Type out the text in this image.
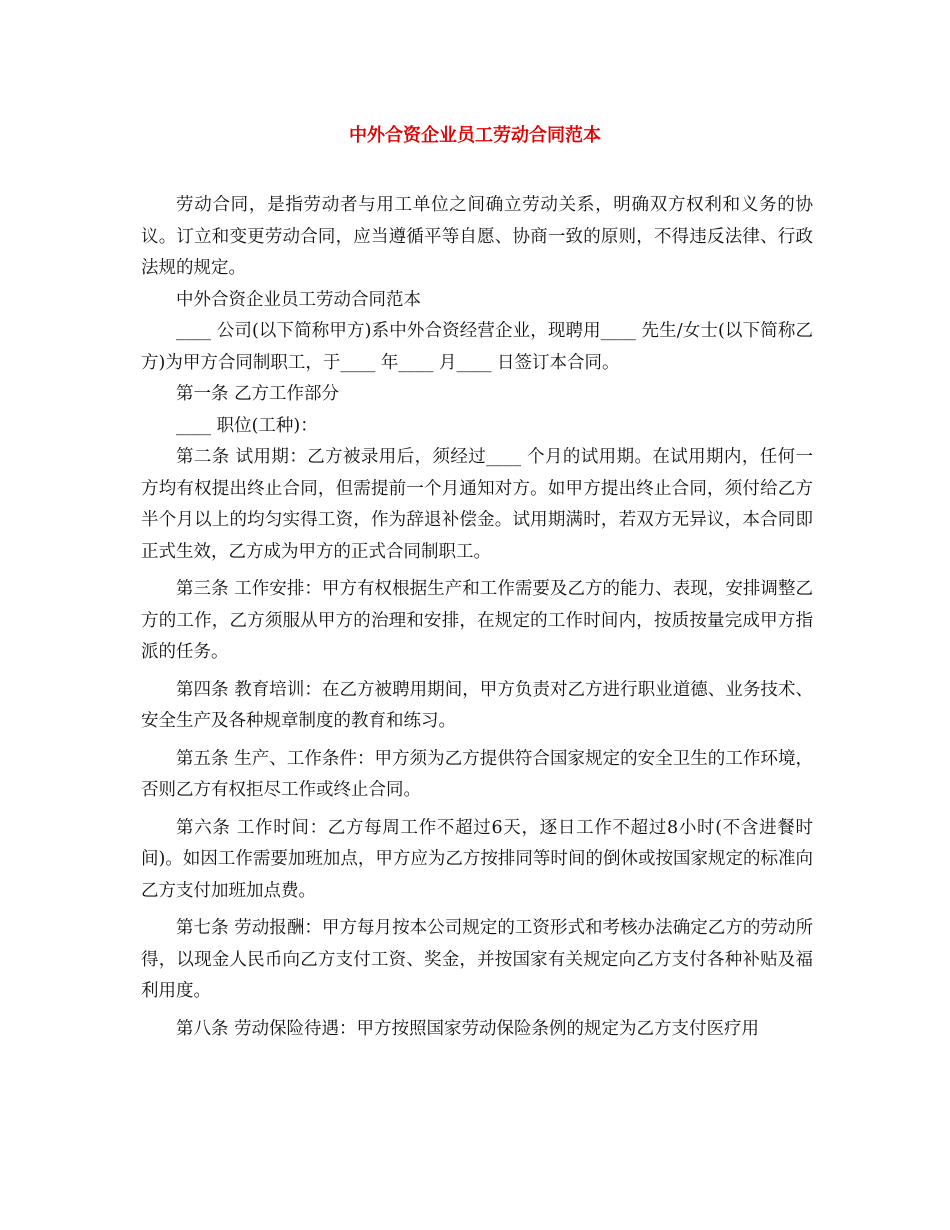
中外合资企业员工劳动合同范本

劳动合同，是指劳动者与用工单位之间确立劳动关系，明确双方权利和义务的协议。订立和变更劳动合同，应当遵循平等自愿、协商一致的原则，不得违反法律、行政法规的规定。

中外合资企业员工劳动合同范本

____ 公司(以下简称甲方)系中外合资经营企业，现聘用____ 先生/女士(以下简称乙方)为甲方合同制职工，于____ 年____ 月____ 日签订本合同。

第一条 乙方工作部分

____ 职位(工种)：

第二条 试用期：乙方被录用后，须经过____ 个月的试用期。在试用期内，任何一方均有权提出终止合同，但需提前一个月通知对方。如甲方提出终止合同，须付给乙方半个月以上的均匀实得工资，作为辞退补偿金。试用期满时，若双方无异议，本合同即正式生效，乙方成为甲方的正式合同制职工。

第三条 工作安排：甲方有权根据生产和工作需要及乙方的能力、表现，安排调整乙方的工作，乙方须服从甲方的治理和安排，在规定的工作时间内，按质按量完成甲方指派的任务。

第四条 教育培训：在乙方被聘用期间，甲方负责对乙方进行职业道德、业务技术、安全生产及各种规章制度的教育和练习。

第五条 生产、工作条件：甲方须为乙方提供符合国家规定的安全卫生的工作环境，否则乙方有权拒尽工作或终止合同。

第六条 工作时间：乙方每周工作不超过6天，逐日工作不超过8小时(不含进餐时间)。如因工作需要加班加点，甲方应为乙方按排同等时间的倒休或按国家规定的标准向乙方支付加班加点费。

第七条 劳动报酬：甲方每月按本公司规定的工资形式和考核办法确定乙方的劳动所得，以现金人民币向乙方支付工资、奖金，并按国家有关规定向乙方支付各种补贴及福利用度。

第八条 劳动保险待遇：甲方按照国家劳动保险条例的规定为乙方支付医疗用
